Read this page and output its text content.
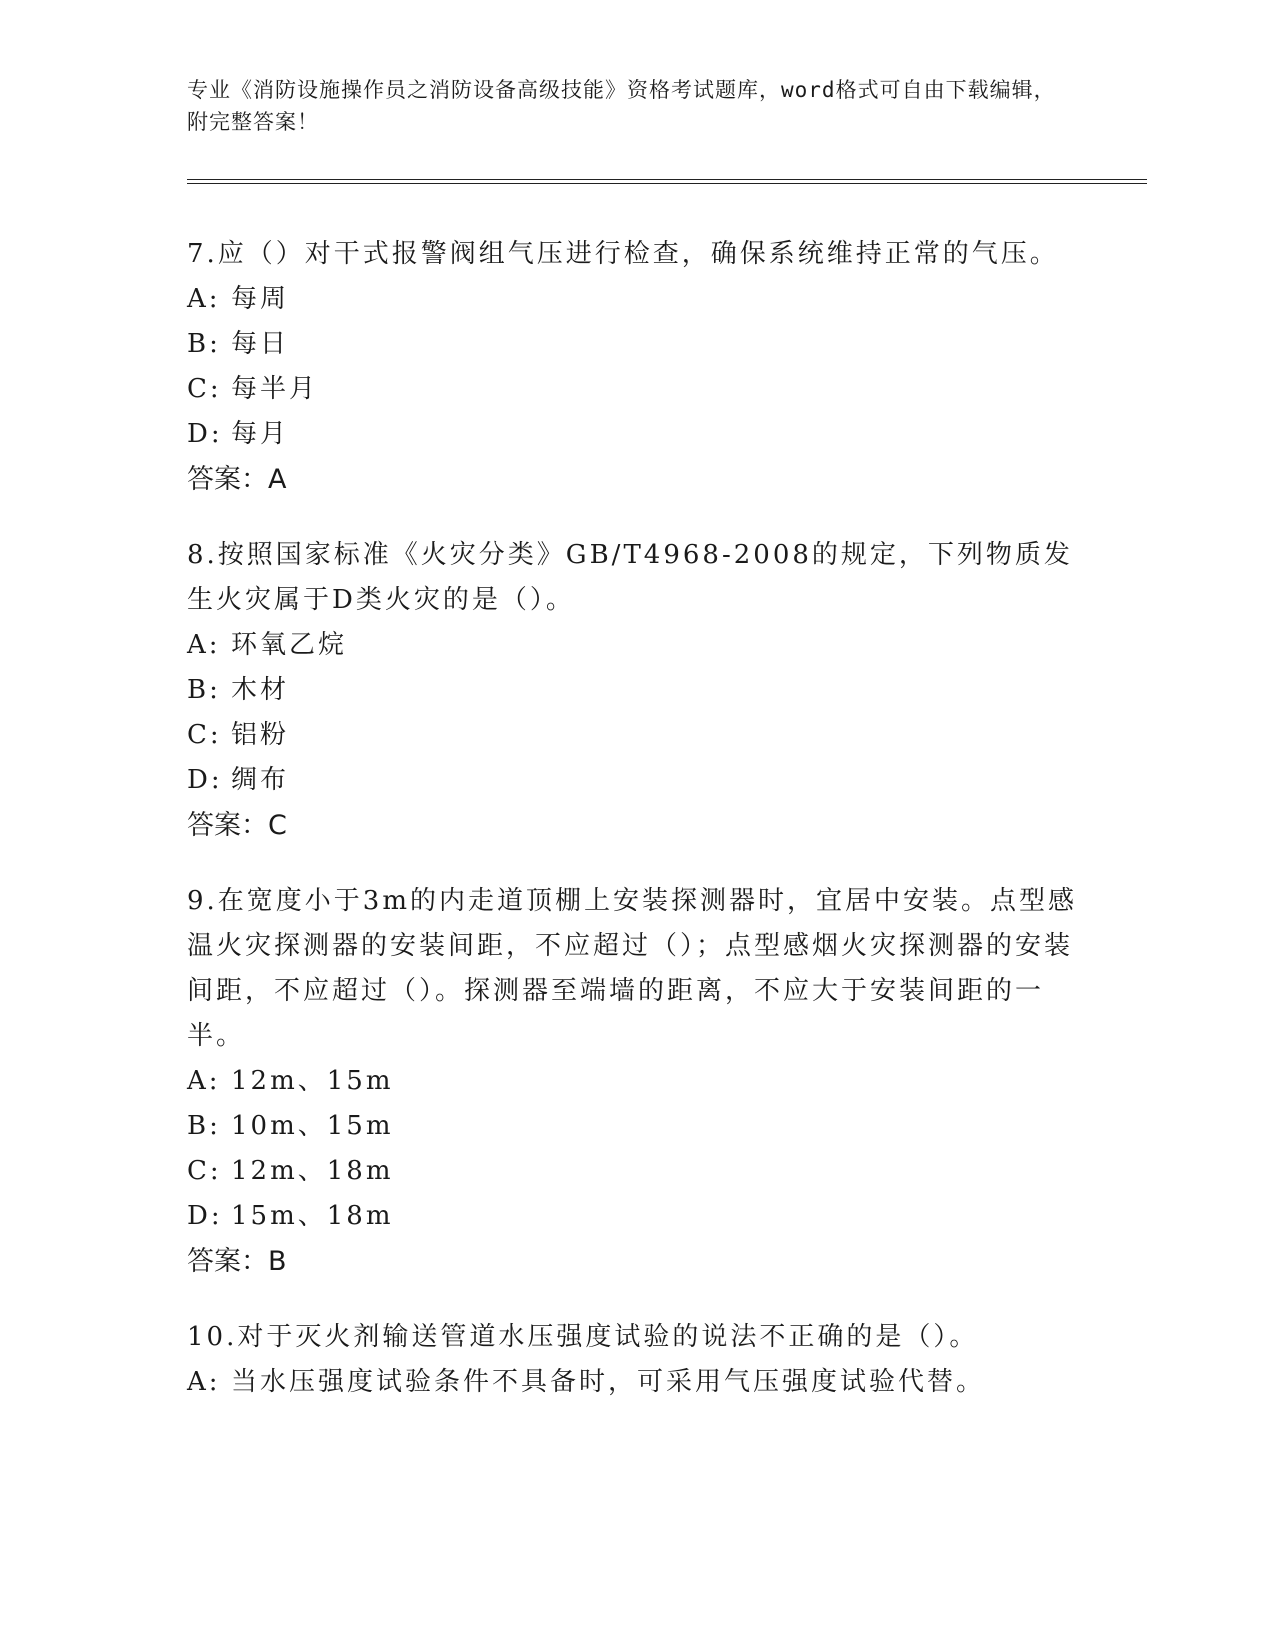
专业《消防设施操作员之消防设备高级技能》资格考试题库，word格式可自由下载编辑，附完整答案！

7.应（）对干式报警阀组气压进行检查，确保系统维持正常的气压。

A: 每周
B: 每日
C: 每半月
D: 每月
答案：A

8.按照国家标准《火灾分类》GB/T4968-2008的规定，下列物质发生火灾属于D类火灾的是（）。

A: 环氧乙烷
B: 木材
C: 铝粉
D: 绸布
答案：C

9.在宽度小于3m的内走道顶棚上安装探测器时，宜居中安装。点型感温火灾探测器的安装间距，不应超过（）；点型感烟火灾探测器的安装间距，不应超过（）。探测器至端墙的距离，不应大于安装间距的一半。

A: 12m、15m
B: 10m、15m
C: 12m、18m
D: 15m、18m
答案：B

10.对于灭火剂输送管道水压强度试验的说法不正确的是（）。

A: 当水压强度试验条件不具备时，可采用气压强度试验代替。
